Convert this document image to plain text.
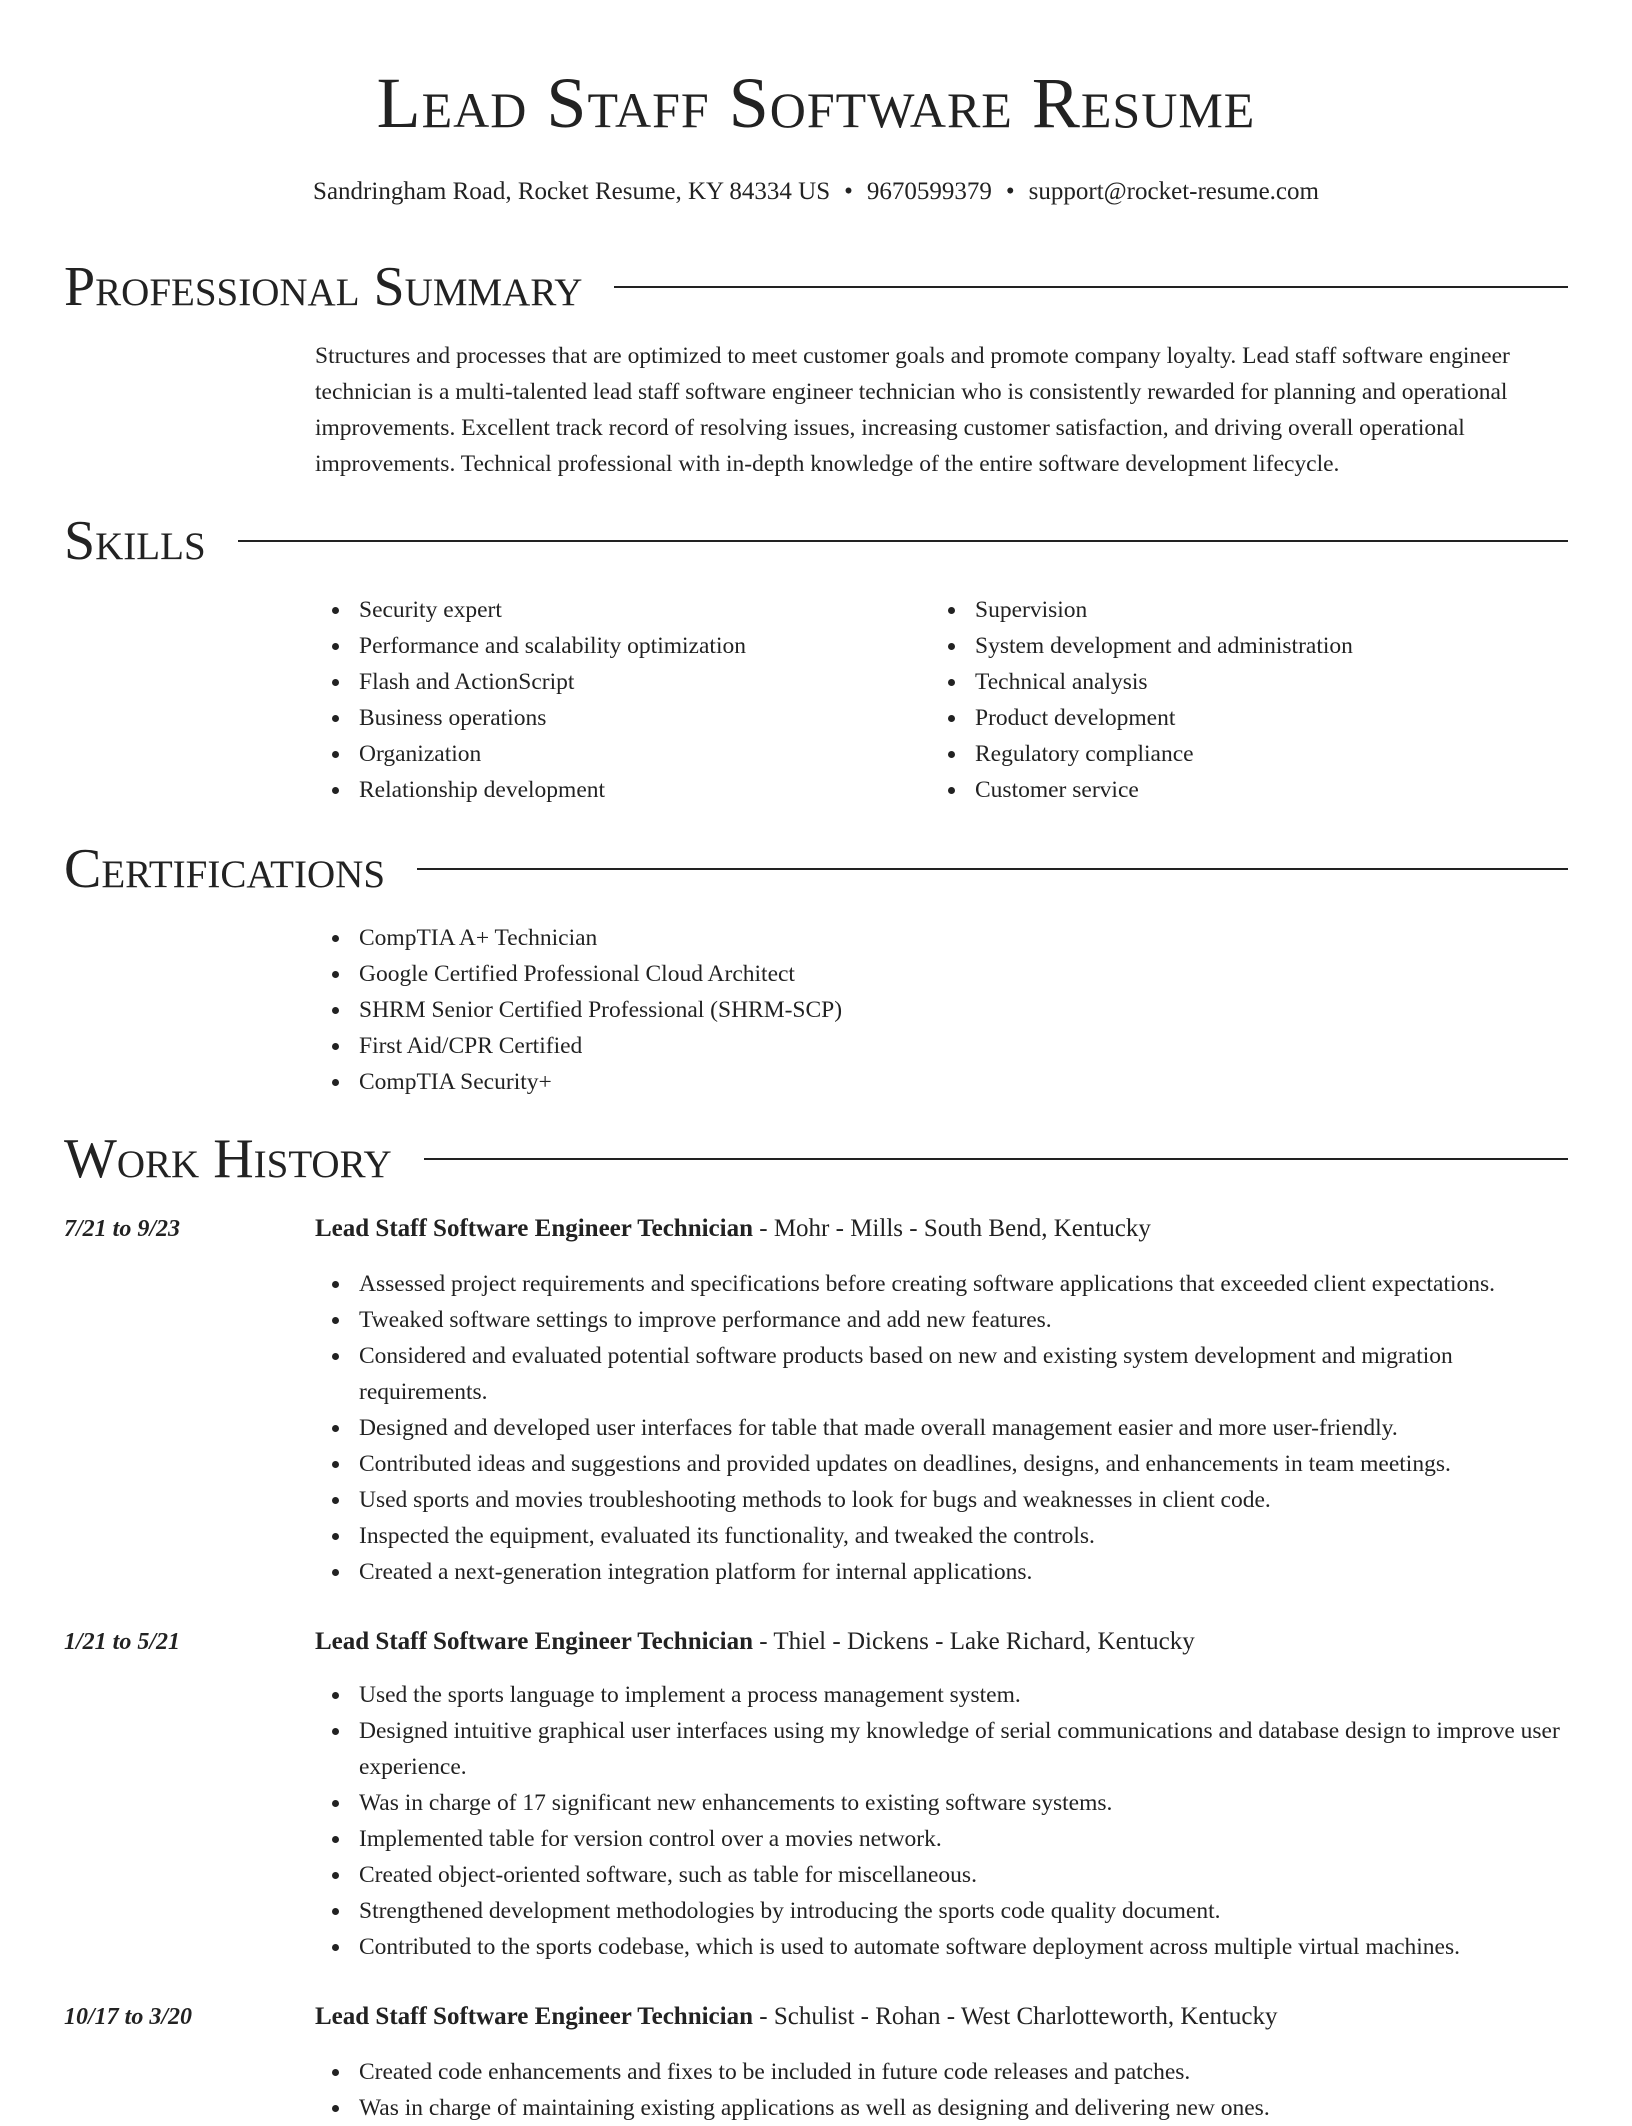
Lead Staff Software Resume
Sandringham Road, Rocket Resume, KY 84334 US • 9670599379 • support@rocket-resume.com
Professional Summary

Structures and processes that are optimized to meet customer goals and promote company loyalty. Lead staff software engineer technician is a multi-talented lead staff software engineer technician who is consistently rewarded for planning and operational improvements. Excellent track record of resolving issues, increasing customer satisfaction, and driving overall operational improvements. Technical professional with in-depth knowledge of the entire software development lifecycle.

Skills
Security expert
Performance and scalability optimization
Flash and ActionScript
Business operations
Organization
Relationship development
Supervision
System development and administration
Technical analysis
Product development
Regulatory compliance
Customer service
Certifications
CompTIA A+ Technician
Google Certified Professional Cloud Architect
SHRM Senior Certified Professional (SHRM-SCP)
First Aid/CPR Certified
CompTIA Security+
Work History
7/21 to 9/23	Lead Staff Software Engineer Technician - Mohr - Mills - South Bend, Kentucky
Assessed project requirements and specifications before creating software applications that exceeded client expectations.
Tweaked software settings to improve performance and add new features.
Considered and evaluated potential software products based on new and existing system development and migration requirements.
Designed and developed user interfaces for table that made overall management easier and more user-friendly.
Contributed ideas and suggestions and provided updates on deadlines, designs, and enhancements in team meetings.
Used sports and movies troubleshooting methods to look for bugs and weaknesses in client code.
Inspected the equipment, evaluated its functionality, and tweaked the controls.
Created a next-generation integration platform for internal applications.
1/21 to 5/21	Lead Staff Software Engineer Technician - Thiel - Dickens - Lake Richard, Kentucky
Used the sports language to implement a process management system.
Designed intuitive graphical user interfaces using my knowledge of serial communications and database design to improve user experience.
Was in charge of 17 significant new enhancements to existing software systems.
Implemented table for version control over a movies network.
Created object-oriented software, such as table for miscellaneous.
Strengthened development methodologies by introducing the sports code quality document.
Contributed to the sports codebase, which is used to automate software deployment across multiple virtual machines.
10/17 to 3/20	Lead Staff Software Engineer Technician - Schulist - Rohan - West Charlotteworth, Kentucky
Created code enhancements and fixes to be included in future code releases and patches.
Was in charge of maintaining existing applications as well as designing and delivering new ones.
